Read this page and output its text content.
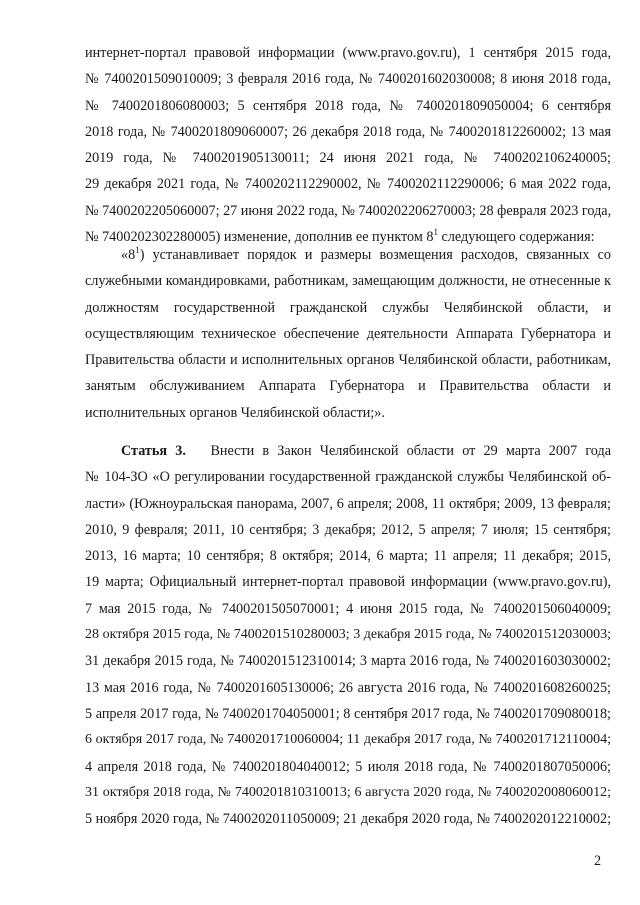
интернет-портал правовой информации (www.pravo.gov.ru), 1 сентября 2015 года,
№ 7400201509010009; 3 февраля 2016 года, № 7400201602030008; 8 июня 2018 года,
№ 7400201806080003; 5 сентября 2018 года, № 7400201809050004; 6 сентября
2018 года, № 7400201809060007; 26 декабря 2018 года, № 7400201812260002; 13 мая
2019 года, № 7400201905130011; 24 июня 2021 года, № 7400202106240005;
29 декабря 2021 года, № 7400202112290002, № 7400202112290006; 6 мая 2022 года,
№ 7400202205060007; 27 июня 2022 года, № 7400202206270003; 28 февраля 2023 года,
№ 7400202302280005) изменение, дополнив ее пунктом $8^1$ следующего содержания:
«$8^1$) устанавливает порядок и размеры возмещения расходов, связанных со
служебными командировками, работникам, замещающим должности, не отнесенные к
должностям государственной гражданской службы Челябинской области, и
осуществляющим техническое обеспечение деятельности Аппарата Губернатора и
Правительства области и исполнительных органов Челябинской области, работникам,
занятым обслуживанием Аппарата Губернатора и Правительства области и
исполнительных органов Челябинской области;».
Статья 3. Внести в Закон Челябинской области от 29 марта 2007 года
№ 104-ЗО «О регулировании государственной гражданской службы Челябинской об-
ласти» (Южноуральская панорама, 2007, 6 апреля; 2008, 11 октября; 2009, 13 февраля;
2010, 9 февраля; 2011, 10 сентября; 3 декабря; 2012, 5 апреля; 7 июля; 15 сентября;
2013, 16 марта; 10 сентября; 8 октября; 2014, 6 марта; 11 апреля; 11 декабря; 2015,
19 марта; Официальный интернет-портал правовой информации (www.pravo.gov.ru),
7 мая 2015 года, № 7400201505070001; 4 июня 2015 года, № 7400201506040009;
28 октября 2015 года, № 7400201510280003; 3 декабря 2015 года, № 7400201512030003;
31 декабря 2015 года, № 7400201512310014; 3 марта 2016 года, № 7400201603030002;
13 мая 2016 года, № 7400201605130006; 26 августа 2016 года, № 7400201608260025;
5 апреля 2017 года, № 7400201704050001; 8 сентября 2017 года, № 7400201709080018;
6 октября 2017 года, № 7400201710060004; 11 декабря 2017 года, № 7400201712110004;
4 апреля 2018 года, № 7400201804040012; 5 июля 2018 года, № 7400201807050006;
31 октября 2018 года, № 7400201810310013; 6 августа 2020 года, № 7400202008060012;
5 ноября 2020 года, № 7400202011050009; 21 декабря 2020 года, № 7400202012210002;
2
